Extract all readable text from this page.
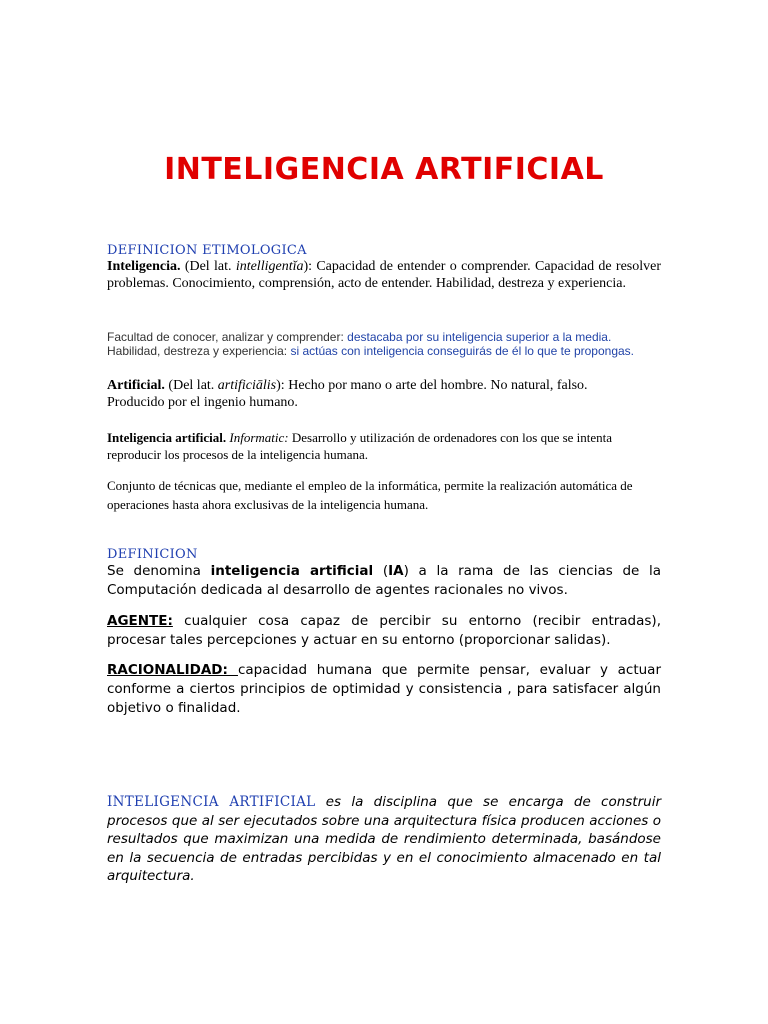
INTELIGENCIA ARTIFICIAL
DEFINICION ETIMOLOGICA
Inteligencia. (Del lat. intelligentĭa): Capacidad de entender o comprender. Capacidad de resolver problemas. Conocimiento, comprensión, acto de entender. Habilidad, destreza y experiencia.
Facultad de conocer, analizar y comprender: destacaba por su inteligencia superior a la media.
Habilidad, destreza y experiencia: si actúas con inteligencia conseguirás de él lo que te propongas.
Artificial. (Del lat. artificiālis): Hecho por mano o arte del hombre. No natural, falso. Producido por el ingenio humano.
Inteligencia artificial. Informatic: Desarrollo y utilización de ordenadores con los que se intenta reproducir los procesos de la inteligencia humana.
Conjunto de técnicas que, mediante el empleo de la informática, permite la realización automática de operaciones hasta ahora exclusivas de la inteligencia humana.
DEFINICION
Se denomina inteligencia artificial (IA) a la rama de las ciencias de la Computación dedicada al desarrollo de agentes racionales no vivos.
AGENTE: cualquier cosa capaz de percibir su entorno (recibir entradas), procesar tales percepciones y actuar en su entorno (proporcionar salidas).
RACIONALIDAD: capacidad humana que permite pensar, evaluar y actuar conforme a ciertos principios de optimidad y consistencia , para satisfacer algún objetivo o finalidad.
INTELIGENCIA ARTIFICIAL es la disciplina que se encarga de construir procesos que al ser ejecutados sobre una arquitectura física producen acciones o resultados que maximizan una medida de rendimiento determinada, basándose en la secuencia de entradas percibidas y en el conocimiento almacenado en tal arquitectura.
